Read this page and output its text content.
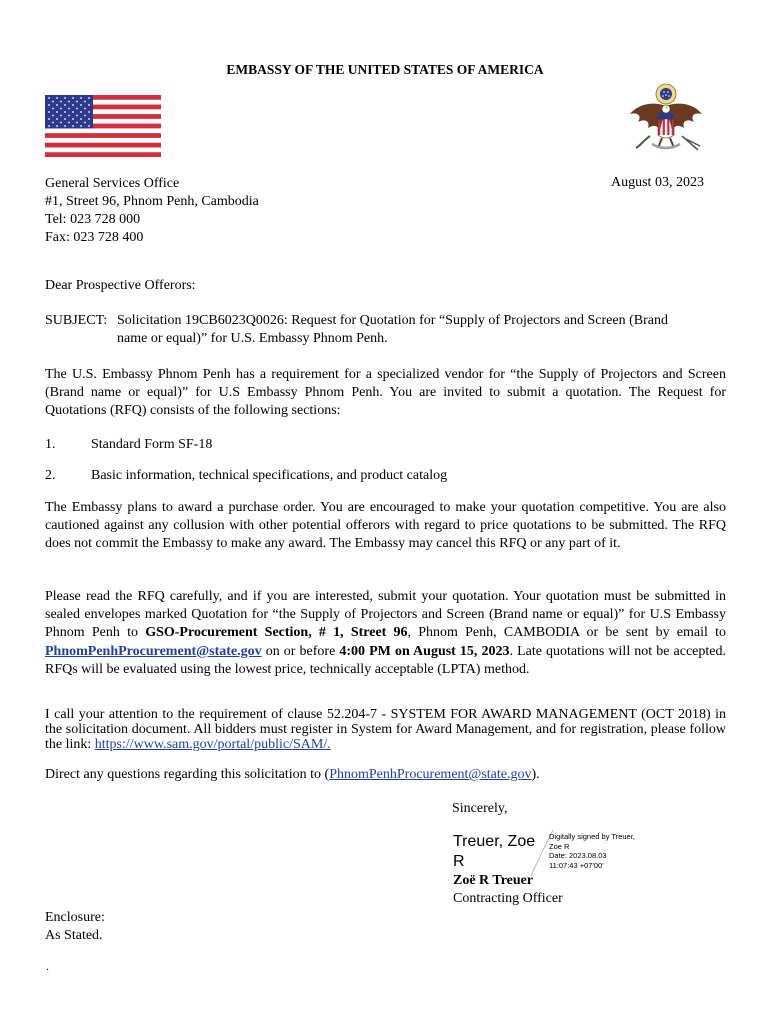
EMBASSY OF THE UNITED STATES OF AMERICA
General Services Office
#1, Street 96, Phnom Penh, Cambodia
Tel: 023 728 000
Fax: 023 728 400
August 03, 2023
Dear Prospective Offerors:
SUBJECT: Solicitation 19CB6023Q0026: Request for Quotation for “Supply of Projectors and Screen (Brand
name or equal)” for U.S. Embassy Phnom Penh.
The U.S. Embassy Phnom Penh has a requirement for a specialized vendor for “the Supply of Projectors and Screen (Brand name or equal)” for U.S Embassy Phnom Penh. You are invited to submit a quotation. The Request for Quotations (RFQ) consists of the following sections:
1.	Standard Form SF-18
2.	Basic information, technical specifications, and product catalog
The Embassy plans to award a purchase order. You are encouraged to make your quotation competitive. You are also cautioned against any collusion with other potential offerors with regard to price quotations to be submitted. The RFQ does not commit the Embassy to make any award. The Embassy may cancel this RFQ or any part of it.
Please read the RFQ carefully, and if you are interested, submit your quotation. Your quotation must be submitted in sealed envelopes marked Quotation for “the Supply of Projectors and Screen (Brand name or equal)” for U.S Embassy Phnom Penh to GSO-Procurement Section, # 1, Street 96, Phnom Penh, CAMBODIA or be sent by email to PhnomPenhProcurement@state.gov on or before 4:00 PM on August 15, 2023. Late quotations will not be accepted. RFQs will be evaluated using the lowest price, technically acceptable (LPTA) method.
I call your attention to the requirement of clause 52.204-7 - SYSTEM FOR AWARD MANAGEMENT (OCT 2018) in the solicitation document. All bidders must register in System for Award Management, and for registration, please follow the link: https://www.sam.gov/portal/public/SAM/.
Direct any questions regarding this solicitation to (PhnomPenhProcurement@state.gov).
Sincerely,
Treuer, Zoe
R
Digitally signed by Treuer,
Zoe R
Date: 2023.08.03
11:07:43 +07'00'
Zoë R Treuer
Contracting Officer
Enclosure:
As Stated.
.
